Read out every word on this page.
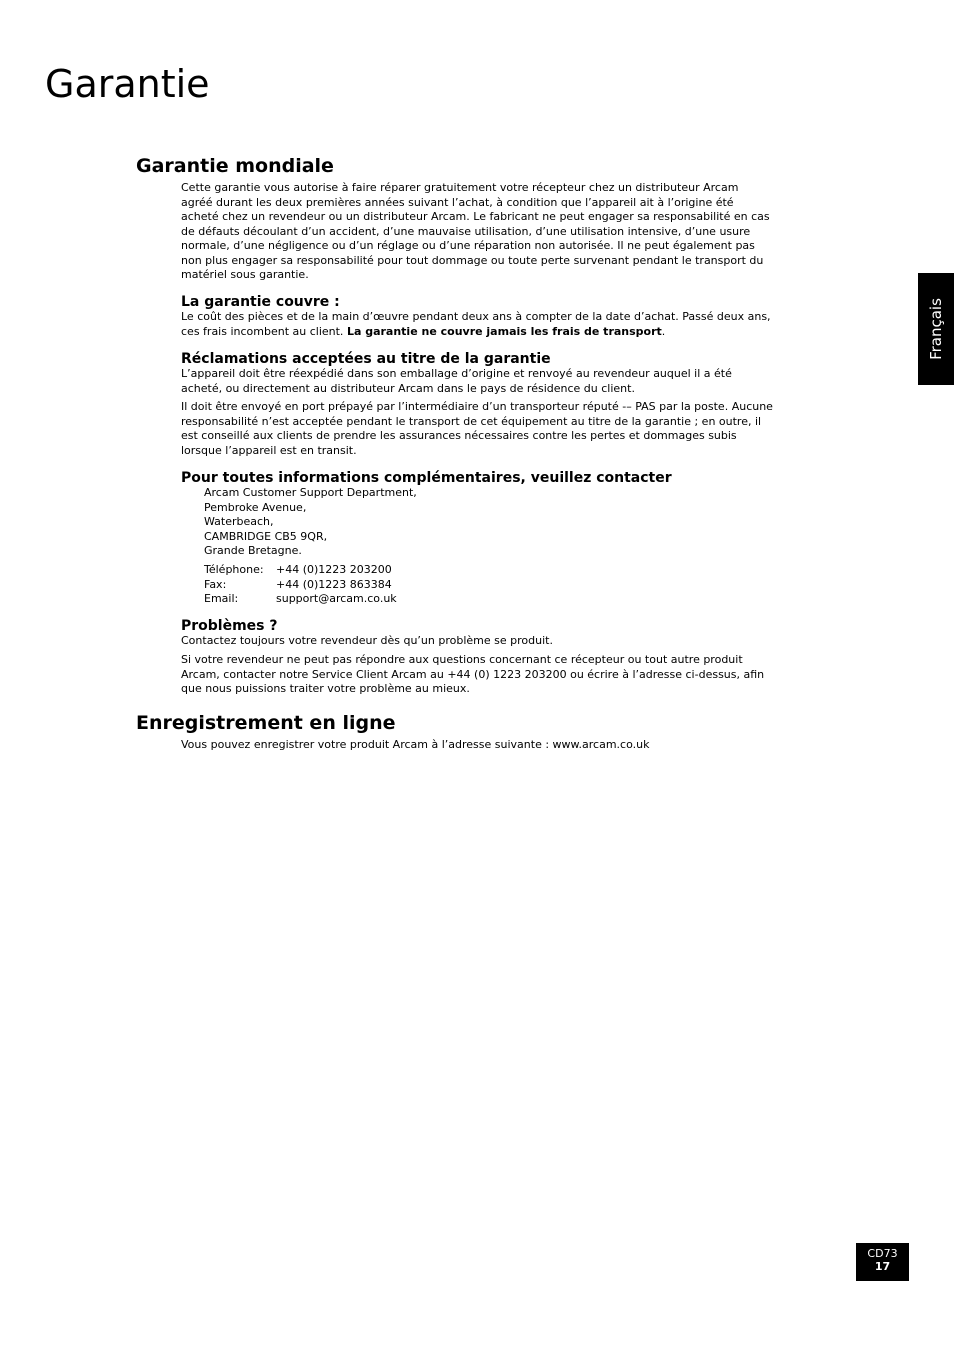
Garantie
Français
Garantie mondiale

Cette garantie vous autorise à faire réparer gratuitement votre récepteur chez un distributeur Arcam agréé durant les deux premières années suivant l’achat, à condition que l’appareil ait à l’origine été acheté chez un revendeur ou un distributeur Arcam. Le fabricant ne peut engager sa responsabilité en cas de défauts découlant d’un accident, d’une mauvaise utilisation, d’une utilisation intensive, d’une usure normale, d’une négligence ou d’un réglage ou d’une réparation non autorisée. Il ne peut également pas non plus engager sa responsabilité pour tout dommage ou toute perte survenant pendant le transport du matériel sous garantie.

La garantie couvre :

Le coût des pièces et de la main d’œuvre pendant deux ans à compter de la date d’achat. Passé deux ans, ces frais incombent au client. La garantie ne couvre jamais les frais de transport.

Réclamations acceptées au titre de la garantie

L’appareil doit être réexpédié dans son emballage d’origine et renvoyé au revendeur auquel il a été acheté, ou directement au distributeur Arcam dans le pays de résidence du client.

Il doit être envoyé en port prépayé par l’intermédiaire d’un transporteur réputé -– PAS par la poste. Aucune responsabilité n’est acceptée pendant le transport de cet équipement au titre de la garantie ; en outre, il est conseillé aux clients de prendre les assurances nécessaires contre les pertes et dommages subis lorsque l’appareil est en transit.

Pour toutes informations complémentaires, veuillez contacter
Arcam Customer Support Department,
Pembroke Avenue,
Waterbeach,
CAMBRIDGE CB5 9QR,
Grande Bretagne.
Téléphone:	+44 (0)1223 203200
Fax:	+44 (0)1223 863384
Email:	support@arcam.co.uk
Problèmes ?

Contactez toujours votre revendeur dès qu’un problème se produit.

Si votre revendeur ne peut pas répondre aux questions concernant ce récepteur ou tout autre produit Arcam, contacter notre Service Client Arcam au +44 (0) 1223 203200 ou écrire à l’adresse ci-dessus, afin que nous puissions traiter votre problème au mieux.

Enregistrement en ligne

Vous pouvez enregistrer votre produit Arcam à l’adresse suivante : www.arcam.co.uk

CD73
17
